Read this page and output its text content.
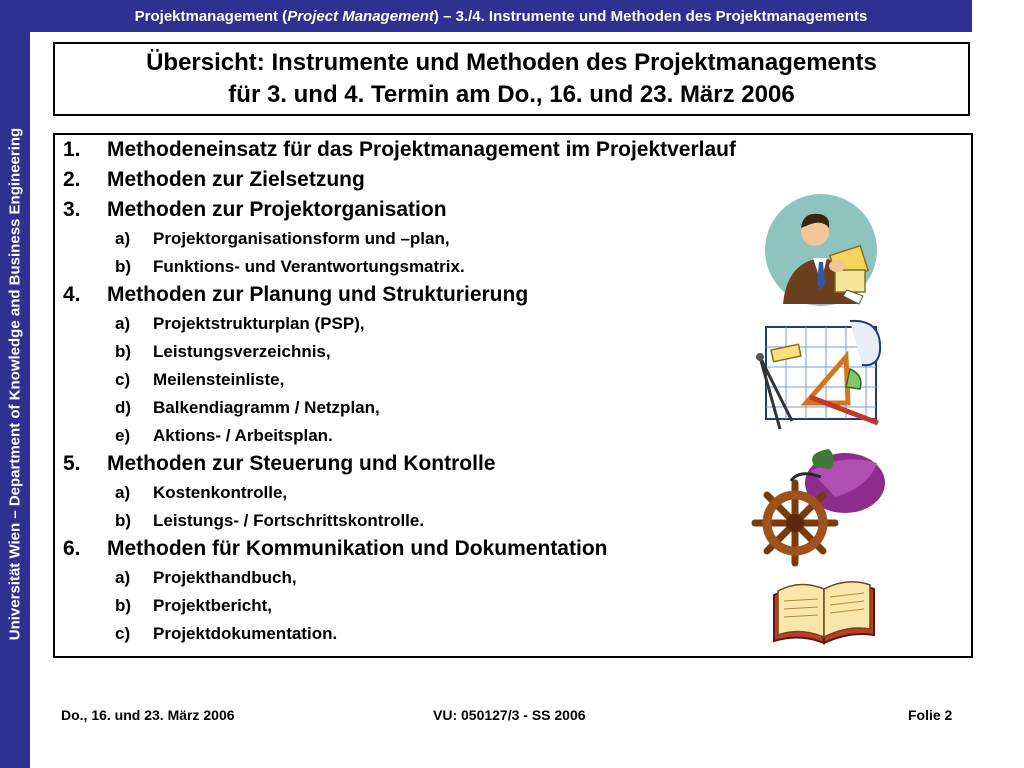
Universität Wien – Department of Knowledge and Business Engineering
Projektmanagement ( Project Management ) – 3./4. Instrumente und Methoden des Projektmanagements
Übersicht: Instrumente und Methoden des Projektmanagements
für 3. und 4. Termin am Do., 16. und 23. März 2006
1. Methodeneinsatz für das Projektmanagement im Projektverlauf
2. Methoden zur Zielsetzung
3. Methoden zur Projektorganisation
a) Projektorganisationsform und –plan,
b) Funktions- und Verantwortungsmatrix.
4. Methoden zur Planung und Strukturierung
a) Projektstrukturplan (PSP),
b) Leistungsverzeichnis,
c) Meilensteinliste,
d) Balkendiagramm / Netzplan,
e) Aktions- / Arbeitsplan.
5. Methoden zur Steuerung und Kontrolle
a) Kostenkontrolle,
b) Leistungs- / Fortschrittskontrolle.
6. Methoden für Kommunikation und Dokumentation
a) Projekthandbuch,
b) Projektbericht,
c) Projektdokumentation.
Do., 16. und 23. März 2006	VU: 050127/3 - SS 2006	Folie 2
